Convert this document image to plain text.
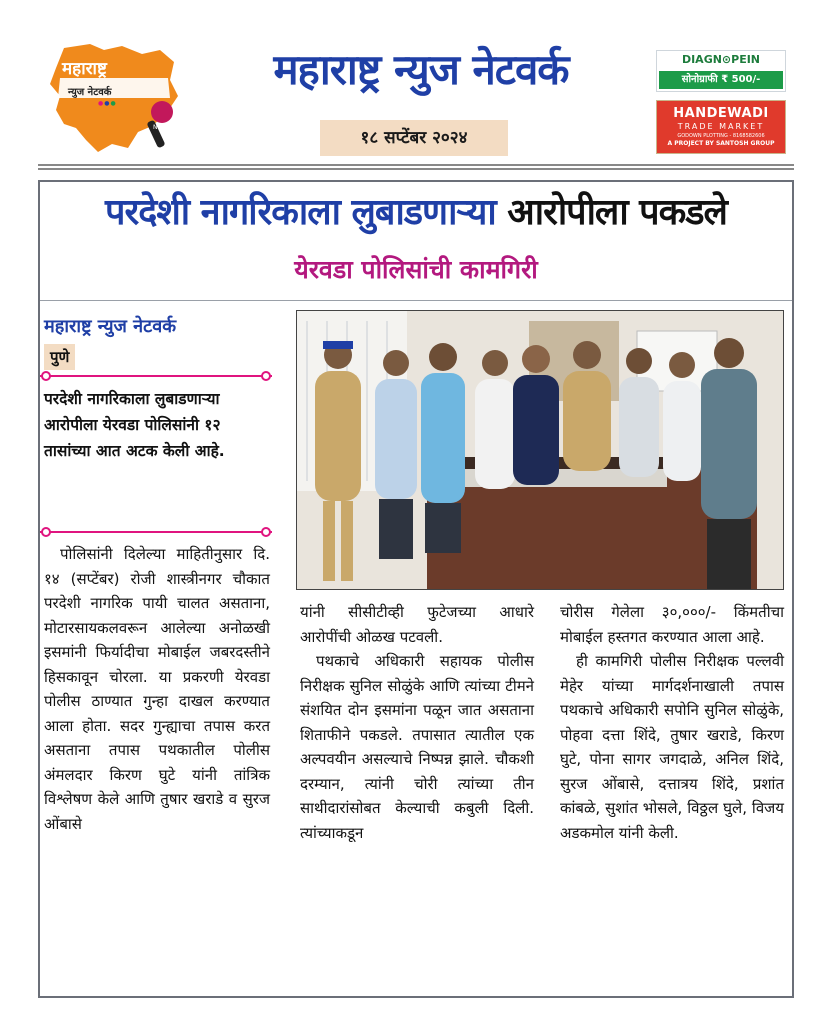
महाराष्ट्र
न्युज नेटवर्क
●●●●
NEWS
महाराष्ट्र न्युज नेटवर्क
१८ सप्टेंबर २०२४
DIAGN⊙PEIN
सोनोग्राफी ₹ 500/-
HANDEWADI
TRADE MARKET
GODOWN PLOTTING - 8168582606
A PROJECT BY SANTOSH GROUP
परदेशी नागरिकाला लुबाडणाऱ्या आरोपीला पकडले
येरवडा पोलिसांची कामगिरी
महाराष्ट्र न्युज नेटवर्क
पुणे
परदेशी नागरिकाला लुबाडणाऱ्या आरोपीला येरवडा पोलिसांनी १२ तासांच्या आत अटक केली आहे.

पोलिसांनी दिलेल्या माहितीनुसार दि. १४ (सप्टेंबर) रोजी शास्त्रीनगर चौकात परदेशी नागरिक पायी चालत असताना, मोटारसायकलवरून आलेल्या अनोळखी इसमांनी फिर्यादीचा मोबाईल जबरदस्तीने हिसकावून चोरला. या प्रकरणी येरवडा पोलीस ठाण्यात गुन्हा दाखल करण्यात आला होता. सदर गुन्ह्याचा तपास करत असताना तपास पथकातील पोलीस अंमलदार किरण घुटे यांनी तांत्रिक विश्लेषण केले आणि तुषार खराडे व सुरज ओंबासे

यांनी सीसीटीव्ही फुटेजच्या आधारे आरोपींची ओळख पटवली.

पथकाचे अधिकारी सहायक पोलीस निरीक्षक सुनिल सोळुंके आणि त्यांच्या टीमने संशयित दोन इसमांना पळून जात असताना शिताफीने पकडले. तपासात त्यातील एक अल्पवयीन असल्याचे निष्पन्न झाले. चौकशी दरम्यान, त्यांनी चोरी त्यांच्या तीन साथीदारांसोबत केल्याची कबुली दिली. त्यांच्याकडून

चोरीस गेलेला ३०,०००/- किंमतीचा मोबाईल हस्तगत करण्यात आला आहे.

ही कामगिरी पोलीस निरीक्षक पल्लवी मेहेर यांच्या मार्गदर्शनाखाली तपास पथकाचे अधिकारी सपोनि सुनिल सोळुंके, पोहवा दत्ता शिंदे, तुषार खराडे, किरण घुटे, पोना सागर जगदाळे, अनिल शिंदे, सुरज ओंबासे, दत्तात्रय शिंदे, प्रशांत कांबळे, सुशांत भोसले, विठ्ठल घुले, विजय अडकमोल यांनी केली.
